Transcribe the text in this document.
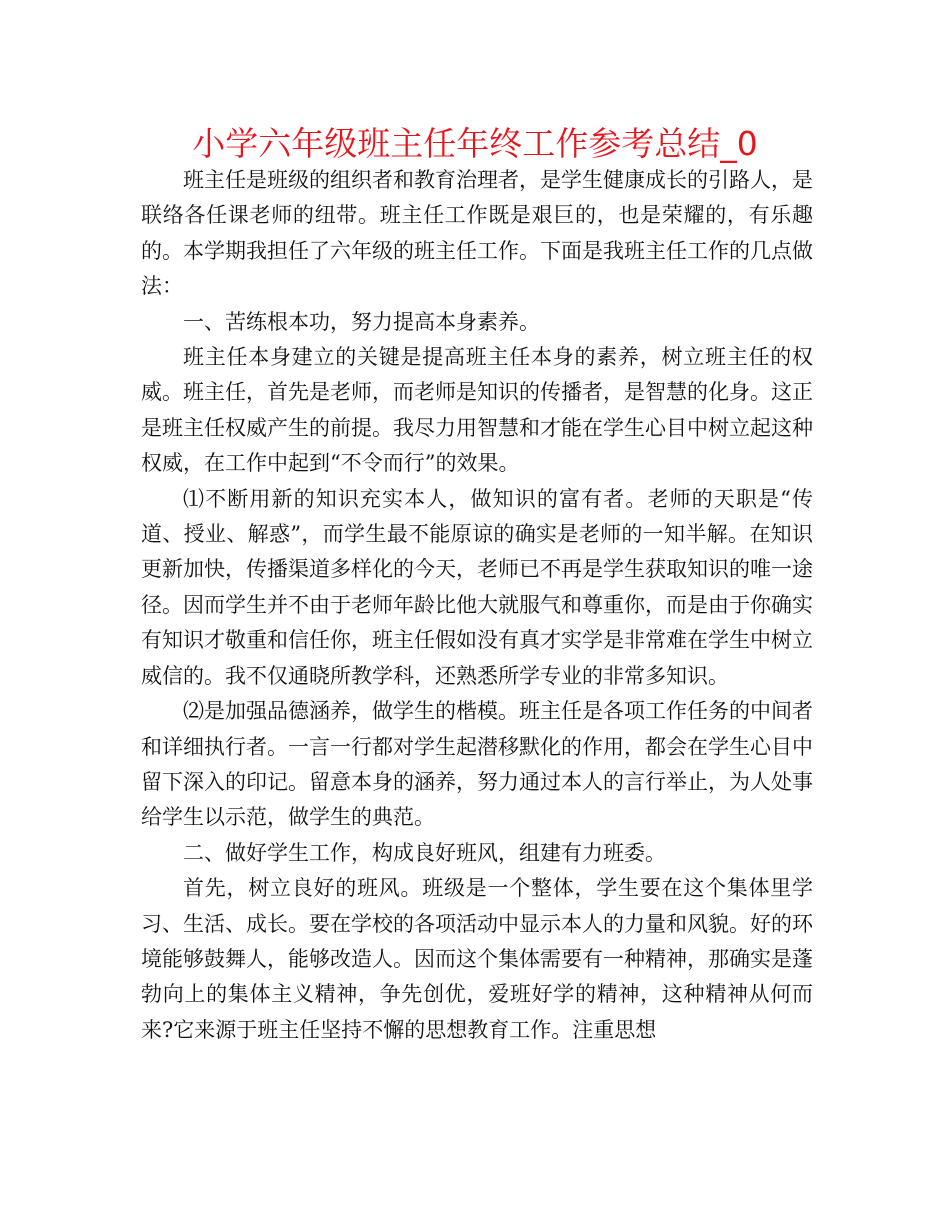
小学六年级班主任年终工作参考总结_0

班主任是班级的组织者和教育治理者，是学生健康成长的引路人，是联络各任课老师的纽带。班主任工作既是艰巨的，也是荣耀的，有乐趣的。本学期我担任了六年级的班主任工作。下面是我班主任工作的几点做法：

一、苦练根本功，努力提高本身素养。

班主任本身建立的关键是提高班主任本身的素养，树立班主任的权威。班主任，首先是老师，而老师是知识的传播者，是智慧的化身。这正是班主任权威产生的前提。我尽力用智慧和才能在学生心目中树立起这种权威，在工作中起到“不令而行”的效果。

⑴不断用新的知识充实本人，做知识的富有者。老师的天职是“传道、授业、解惑”，而学生最不能原谅的确实是老师的一知半解。在知识更新加快，传播渠道多样化的今天，老师已不再是学生获取知识的唯一途径。因而学生并不由于老师年龄比他大就服气和尊重你，而是由于你确实有知识才敬重和信任你，班主任假如没有真才实学是非常难在学生中树立威信的。我不仅通晓所教学科，还熟悉所学专业的非常多知识。

⑵是加强品德涵养，做学生的楷模。班主任是各项工作任务的中间者和详细执行者。一言一行都对学生起潜移默化的作用，都会在学生心目中留下深入的印记。留意本身的涵养，努力通过本人的言行举止，为人处事给学生以示范，做学生的典范。

二、做好学生工作，构成良好班风，组建有力班委。

首先，树立良好的班风。班级是一个整体，学生要在这个集体里学习、生活、成长。要在学校的各项活动中显示本人的力量和风貌。好的环境能够鼓舞人，能够改造人。因而这个集体需要有一种精神，那确实是蓬勃向上的集体主义精神，争先创优，爱班好学的精神，这种精神从何而来?它来源于班主任坚持不懈的思想教育工作。注重思想
